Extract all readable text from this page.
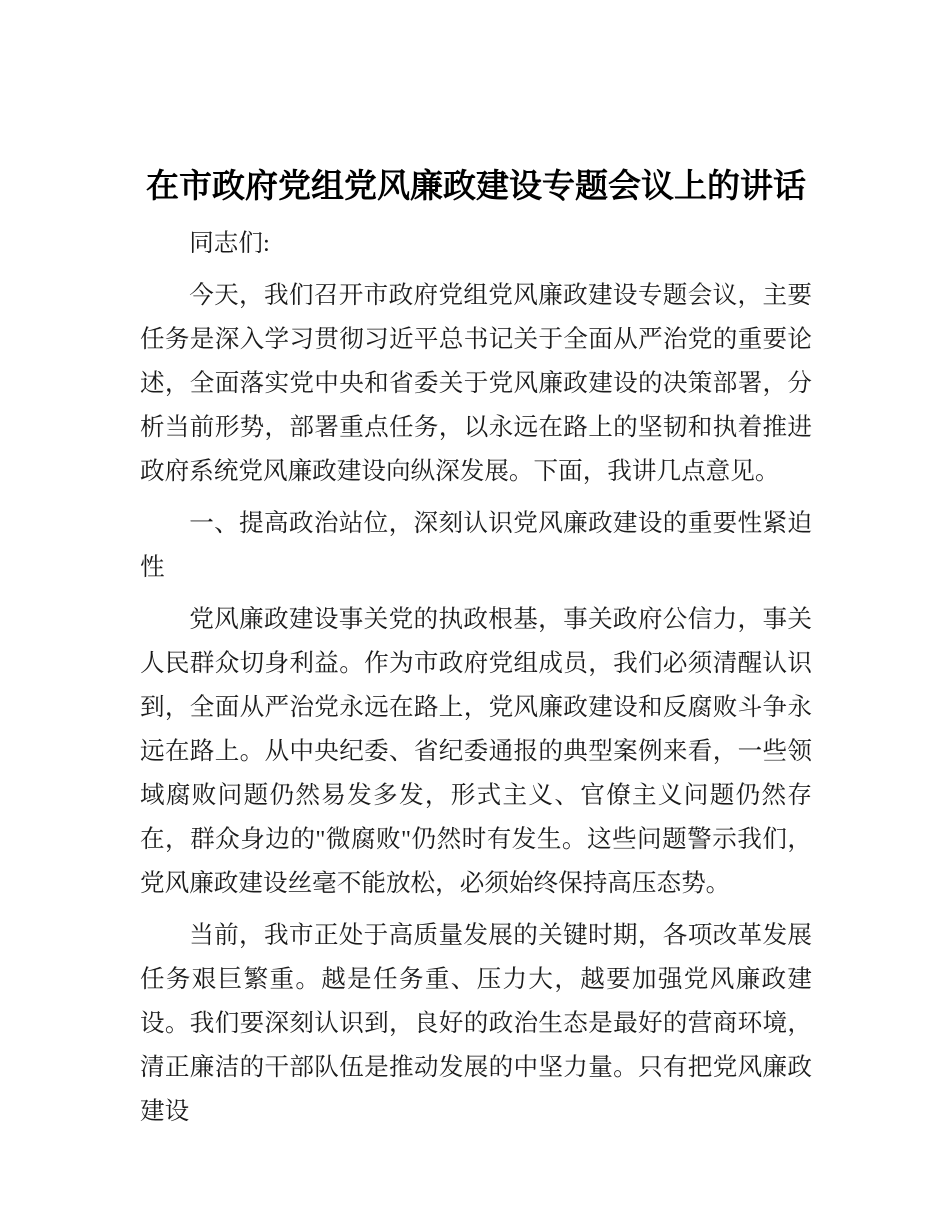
在市政府党组党风廉政建设专题会议上的讲话

同志们:

今天，我们召开市政府党组党风廉政建设专题会议，主要任务是深入学习贯彻习近平总书记关于全面从严治党的重要论述，全面落实党中央和省委关于党风廉政建设的决策部署，分析当前形势，部署重点任务，以永远在路上的坚韧和执着推进政府系统党风廉政建设向纵深发展。下面，我讲几点意见。

一、提高政治站位，深刻认识党风廉政建设的重要性紧迫性

党风廉政建设事关党的执政根基，事关政府公信力，事关人民群众切身利益。作为市政府党组成员，我们必须清醒认识到，全面从严治党永远在路上，党风廉政建设和反腐败斗争永远在路上。从中央纪委、省纪委通报的典型案例来看，一些领域腐败问题仍然易发多发，形式主义、官僚主义问题仍然存在，群众身边的"微腐败"仍然时有发生。这些问题警示我们，党风廉政建设丝毫不能放松，必须始终保持高压态势。

当前，我市正处于高质量发展的关键时期，各项改革发展任务艰巨繁重。越是任务重、压力大，越要加强党风廉政建设。我们要深刻认识到，良好的政治生态是最好的营商环境，清正廉洁的干部队伍是推动发展的中坚力量。只有把党风廉政建设
